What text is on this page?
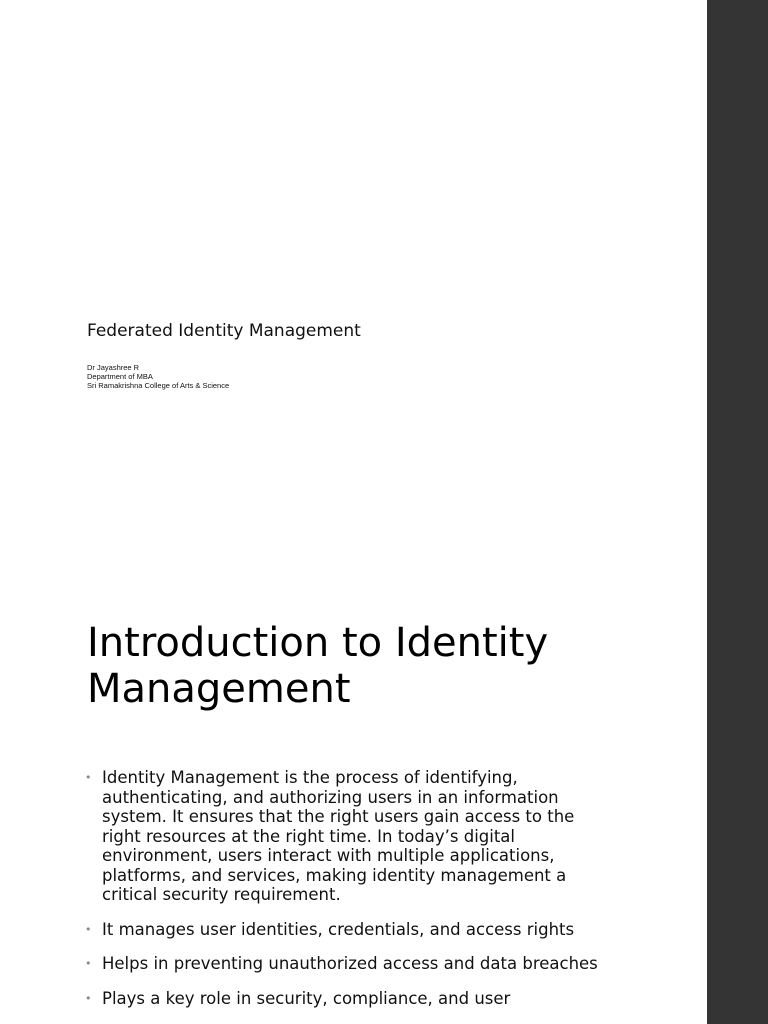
Federated Identity Management
Dr Jayashree R
Department of MBA
Sri Ramakrishna College of Arts & Science
Introduction to Identity
Management
• Identity Management is the process of identifying, authenticating, and authorizing users in an information system. It ensures that the right users gain access to the right resources at the right time. In today’s digital environment, users interact with multiple applications, platforms, and services, making identity management a critical security requirement.
• It manages user identities, credentials, and access rights
• Helps in preventing unauthorized access and data breaches
• Plays a key role in security, compliance, and user
